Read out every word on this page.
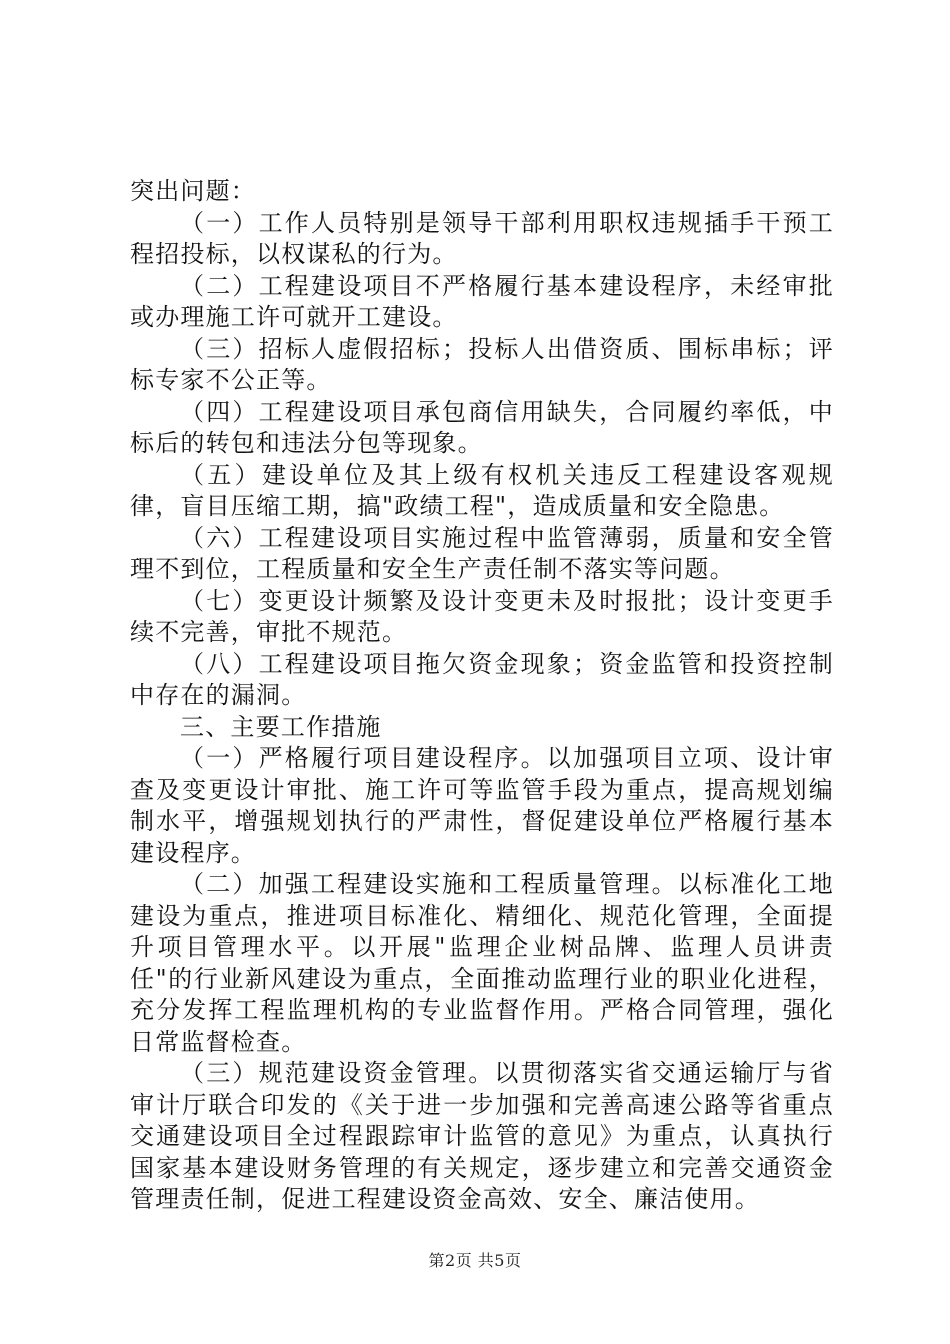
突出问题：

（一）工作人员特别是领导干部利用职权违规插手干预工程招投标，以权谋私的行为。

（二）工程建设项目不严格履行基本建设程序，未经审批或办理施工许可就开工建设。

（三）招标人虚假招标；投标人出借资质、围标串标；评标专家不公正等。

（四）工程建设项目承包商信用缺失，合同履约率低，中标后的转包和违法分包等现象。

（五）建设单位及其上级有权机关违反工程建设客观规律，盲目压缩工期，搞"政绩工程"，造成质量和安全隐患。

（六）工程建设项目实施过程中监管薄弱，质量和安全管理不到位，工程质量和安全生产责任制不落实等问题。

（七）变更设计频繁及设计变更未及时报批；设计变更手续不完善，审批不规范。

（八）工程建设项目拖欠资金现象；资金监管和投资控制中存在的漏洞。

三、主要工作措施

（一）严格履行项目建设程序。以加强项目立项、设计审查及变更设计审批、施工许可等监管手段为重点，提高规划编制水平，增强规划执行的严肃性，督促建设单位严格履行基本建设程序。

（二）加强工程建设实施和工程质量管理。以标准化工地建设为重点，推进项目标准化、精细化、规范化管理，全面提升项目管理水平。以开展"监理企业树品牌、监理人员讲责任"的行业新风建设为重点，全面推动监理行业的职业化进程，充分发挥工程监理机构的专业监督作用。严格合同管理，强化日常监督检查。

（三）规范建设资金管理。以贯彻落实省交通运输厅与省审计厅联合印发的《关于进一步加强和完善高速公路等省重点交通建设项目全过程跟踪审计监管的意见》为重点，认真执行国家基本建设财务管理的有关规定，逐步建立和完善交通资金管理责任制，促进工程建设资金高效、安全、廉洁使用。

第2页 共5页
